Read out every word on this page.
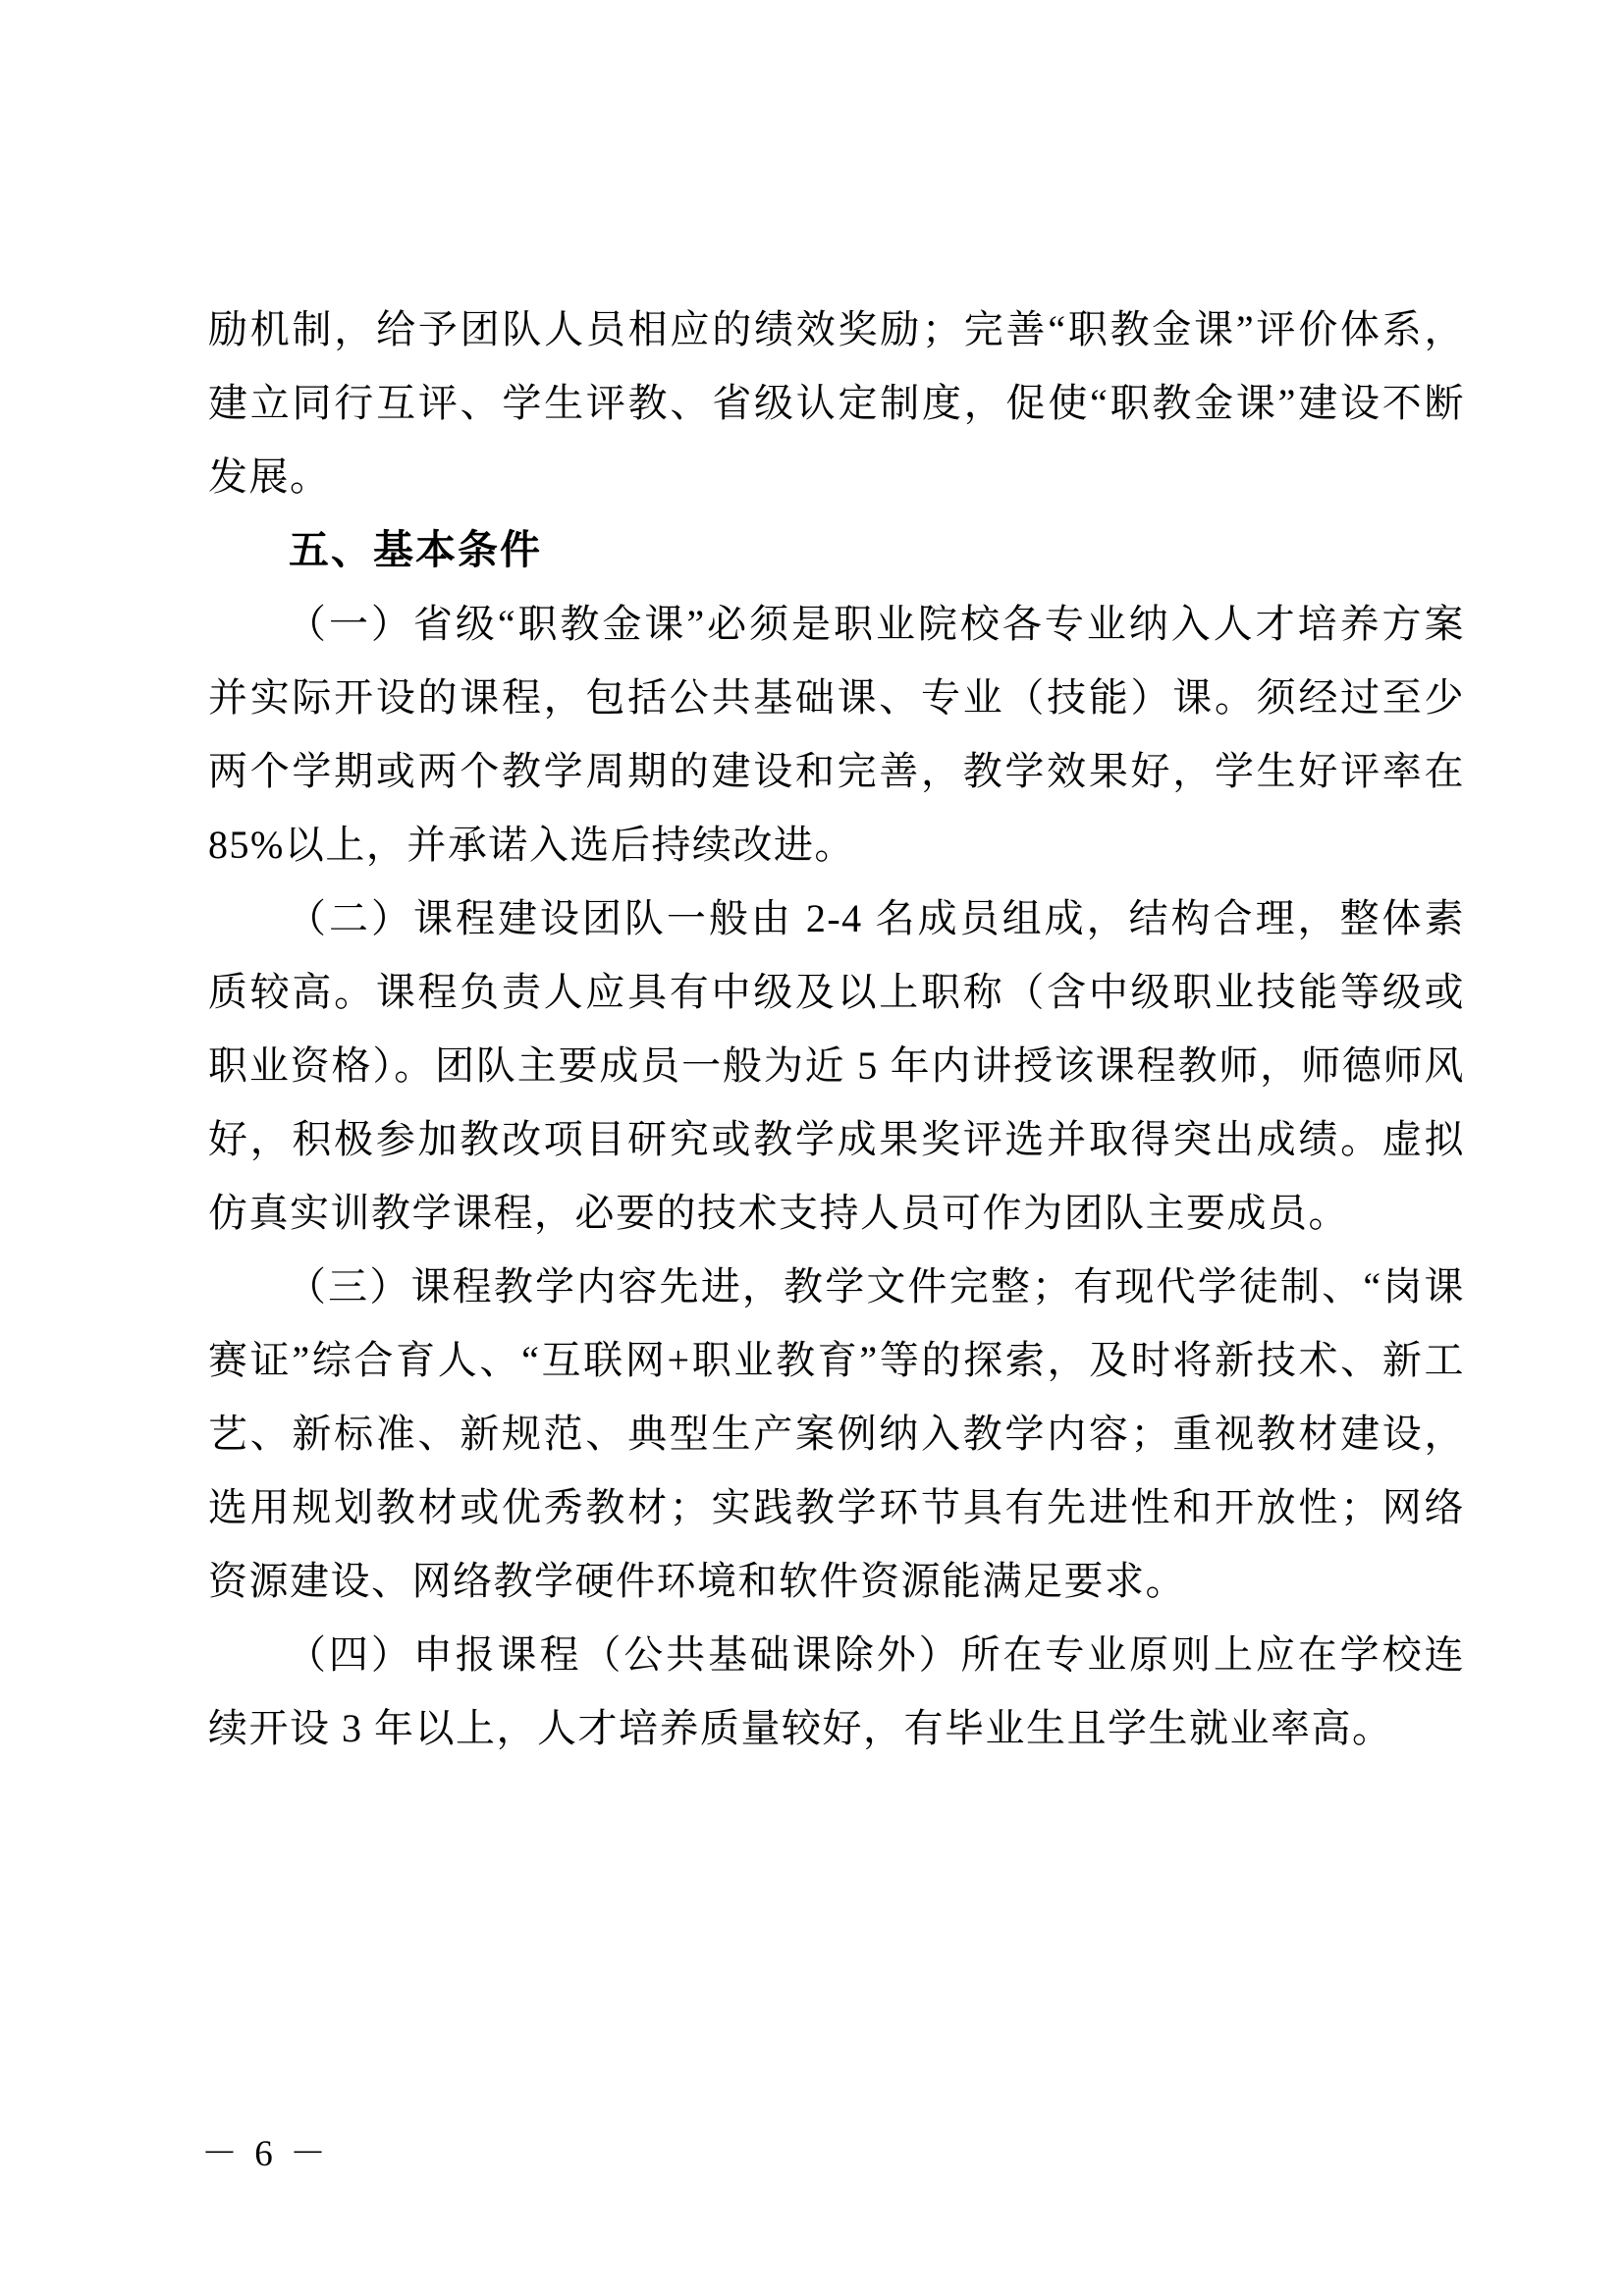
励机制，给予团队人员相应的绩效奖励；完善“职教金课”评价体系，建立同行互评、学生评教、省级认定制度，促使“职教金课”建设不断发展。

五、基本条件

（一）省级“职教金课”必须是职业院校各专业纳入人才培养方案并实际开设的课程，包括公共基础课、专业（技能）课。须经过至少两个学期或两个教学周期的建设和完善，教学效果好，学生好评率在 85%以上，并承诺入选后持续改进。

（二）课程建设团队一般由 2-4 名成员组成，结构合理，整体素质较高。课程负责人应具有中级及以上职称（含中级职业技能等级或职业资格）。团队主要成员一般为近 5 年内讲授该课程教师，师德师风好，积极参加教改项目研究或教学成果奖评选并取得突出成绩。虚拟仿真实训教学课程，必要的技术支持人员可作为团队主要成员。

（三）课程教学内容先进，教学文件完整；有现代学徒制、“岗课赛证”综合育人、“互联网+职业教育”等的探索，及时将新技术、新工艺、新标准、新规范、典型生产案例纳入教学内容；重视教材建设，选用规划教材或优秀教材；实践教学环节具有先进性和开放性；网络资源建设、网络教学硬件环境和软件资源能满足要求。

（四）申报课程（公共基础课除外）所在专业原则上应在学校连续开设 3 年以上，人才培养质量较好，有毕业生且学生就业率高。

－ 6 －
